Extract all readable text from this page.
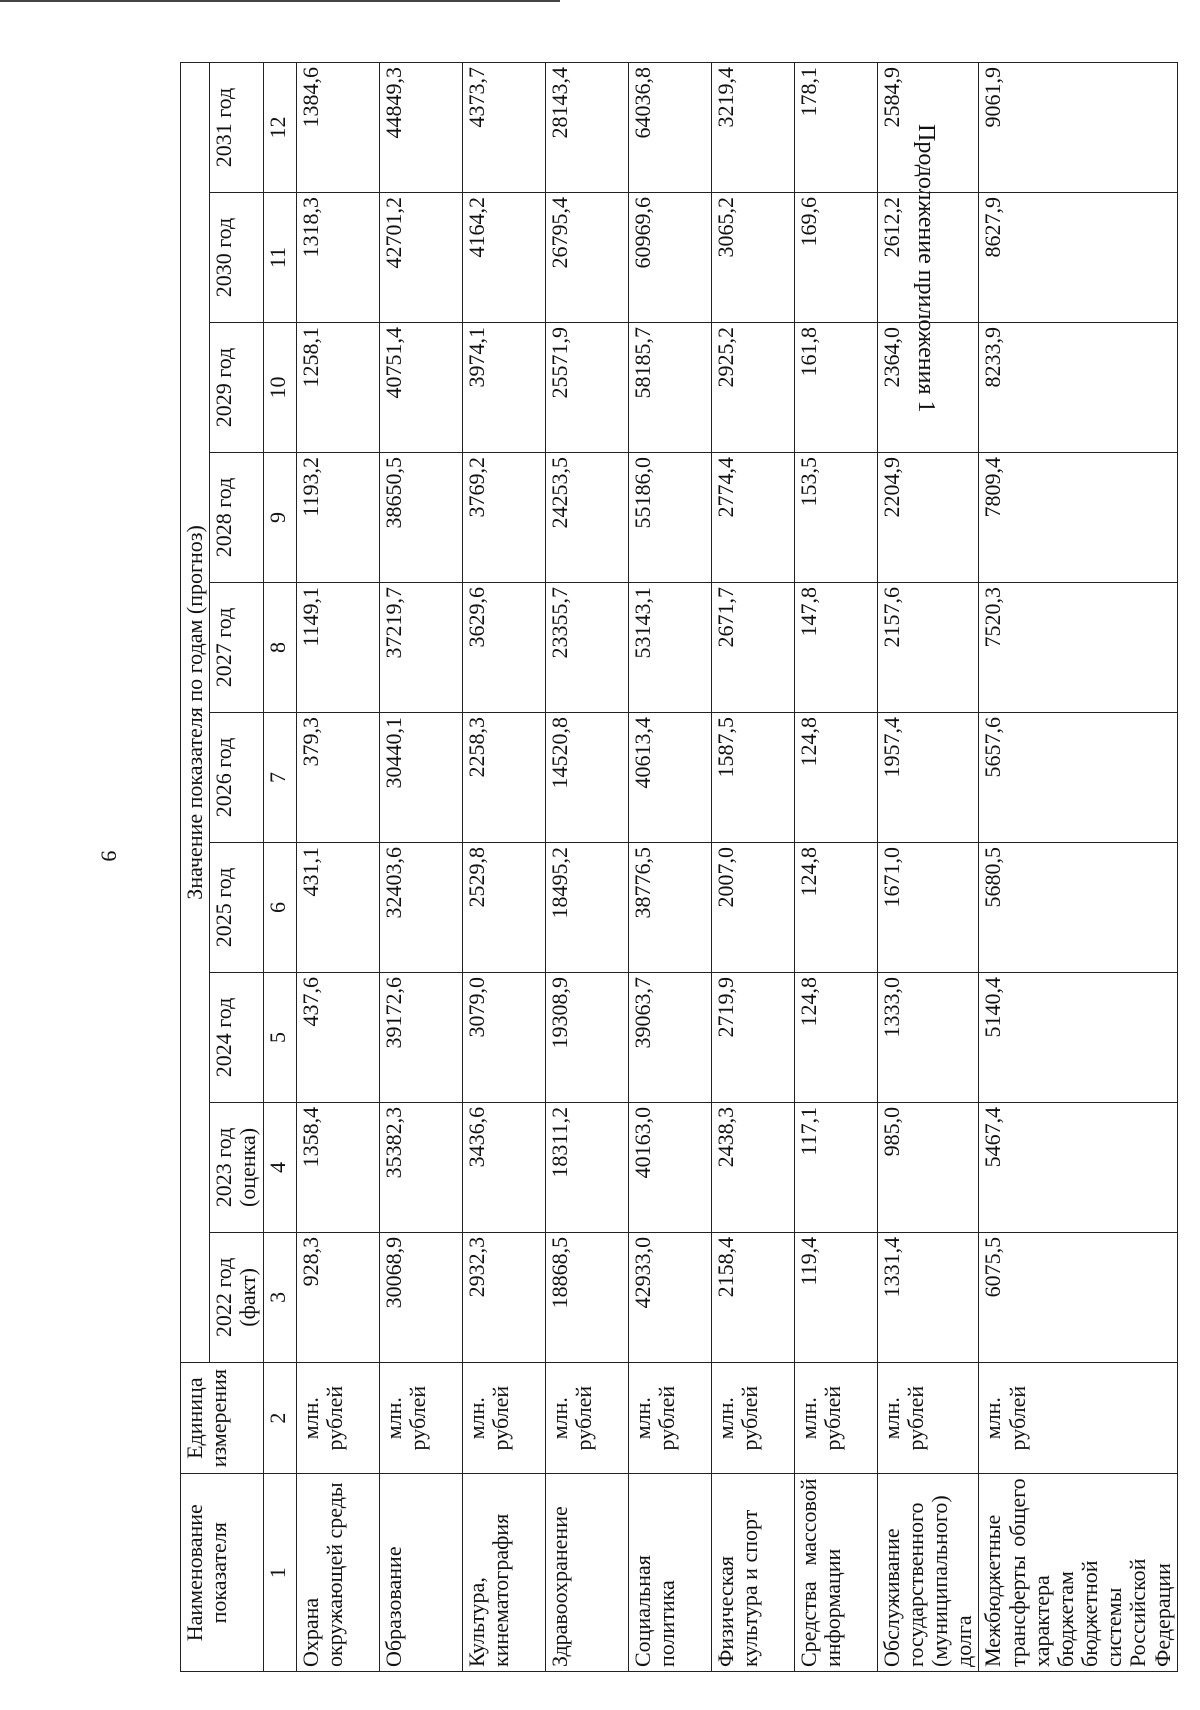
9
Продолжение приложения 1
Наименование показателя	Единица измерения	Значение показателя по годам (прогноз)									
		2022 год (факт)	2023 год (оценка)	2024 год	2025 год	2026 год	2027 год	2028 год	2029 год	2030 год	2031 год
1	2	3	4	5	6	7	8	9	10	11	12
Охрана окружающей среды	млн. рублей	928,3	1358,4	437,6	431,1	379,3	1149,1	1193,2	1258,1	1318,3	1384,6
Образование	млн. рублей	30068,9	35382,3	39172,6	32403,6	30440,1	37219,7	38650,5	40751,4	42701,2	44849,3
Культура, кинематография	млн. рублей	2932,3	3436,6	3079,0	2529,8	2258,3	3629,6	3769,2	3974,1	4164,2	4373,7
Здравоохранение	млн. рублей	18868,5	18311,2	19308,9	18495,2	14520,8	23355,7	24253,5	25571,9	26795,4	28143,4
Социальная политика	млн. рублей	42933,0	40163,0	39063,7	38776,5	40613,4	53143,1	55186,0	58185,7	60969,6	64036,8
Физическая культура и спорт	млн. рублей	2158,4	2438,3	2719,9	2007,0	1587,5	2671,7	2774,4	2925,2	3065,2	3219,4
Средства массовой информации	млн. рублей	119,4	117,1	124,8	124,8	124,8	147,8	153,5	161,8	169,6	178,1
Обслуживание государственного (муниципального) долга	млн. рублей	1331,4	985,0	1333,0	1671,0	1957,4	2157,6	2204,9	2364,0	2612,2	2584,9
Межбюджетные трансферты общего характера бюджетам бюджетной системы Российской Федерации	млн. рублей	6075,5	5467,4	5140,4	5680,5	5657,6	7520,3	7809,4	8233,9	8627,9	9061,9
